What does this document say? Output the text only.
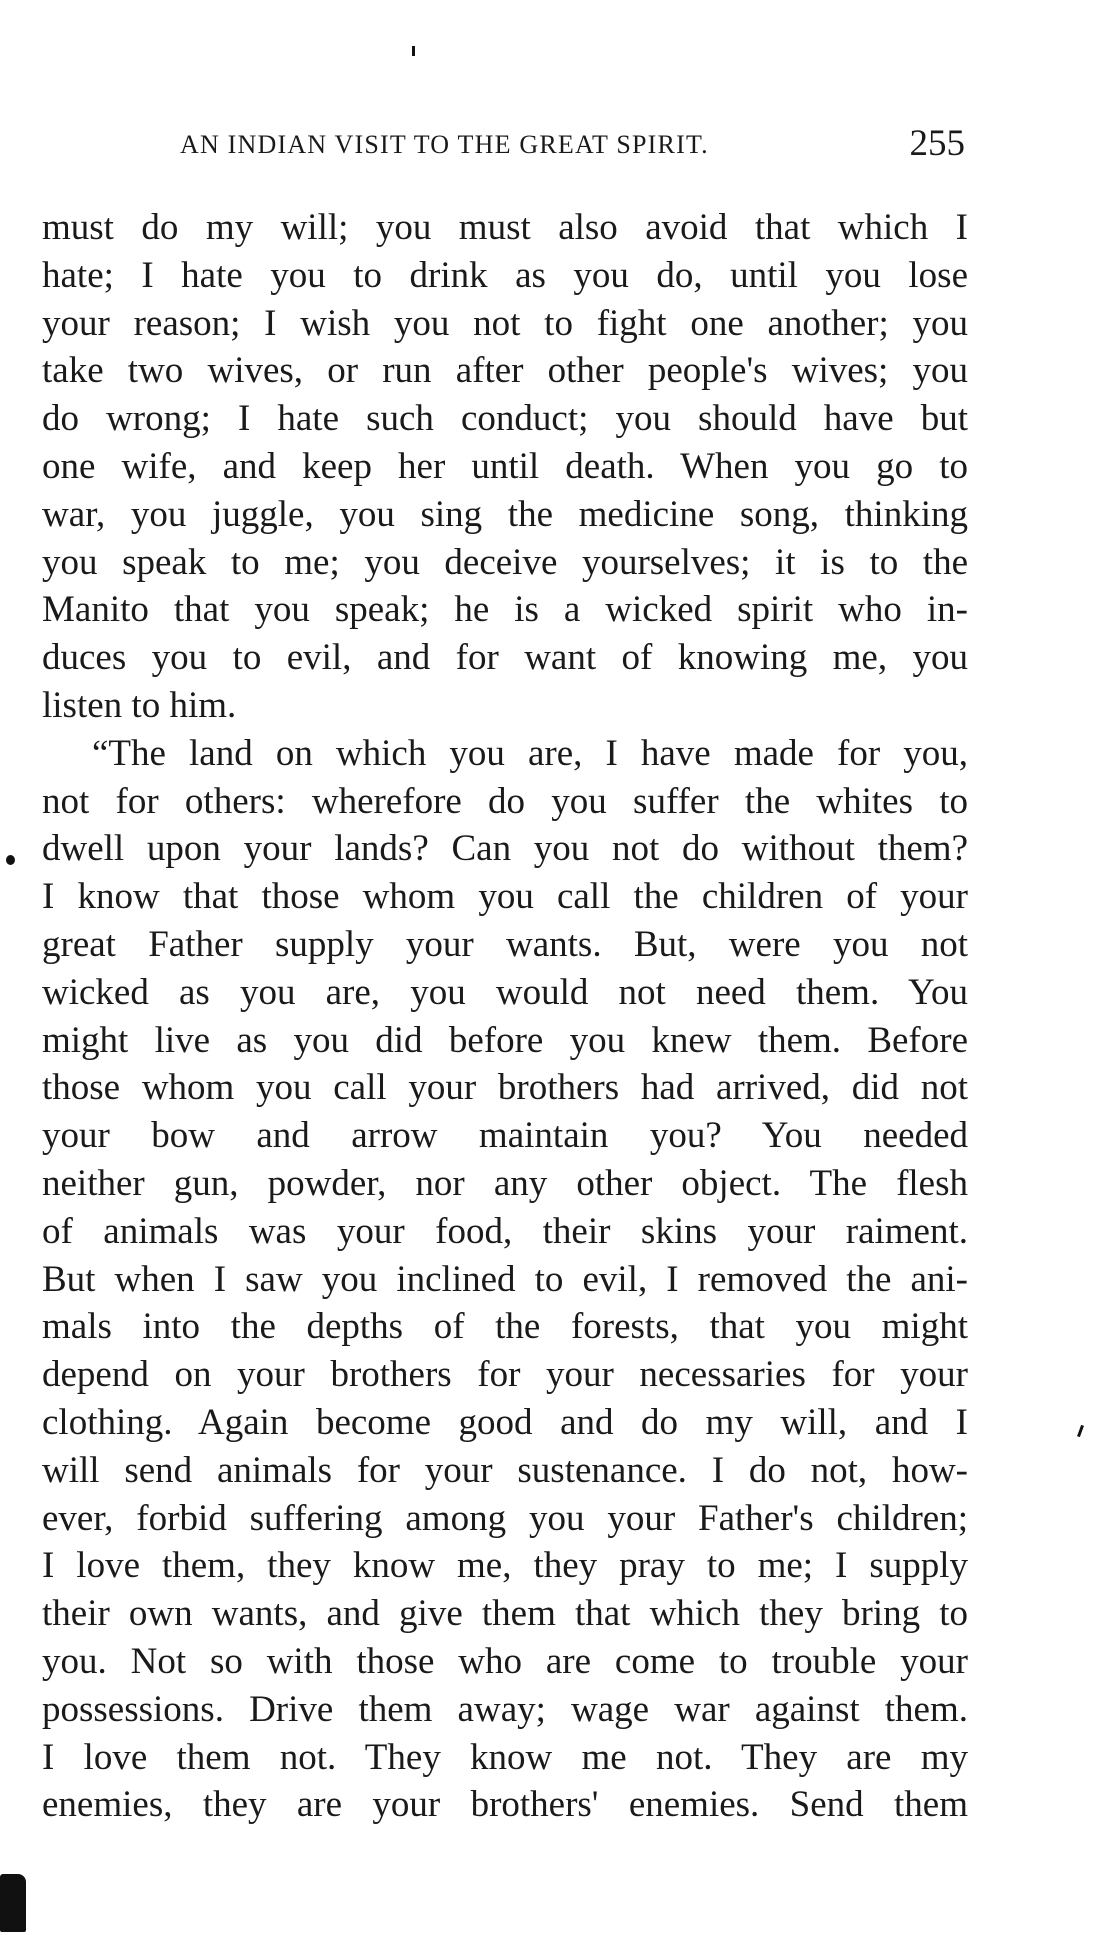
AN INDIAN VISIT TO THE GREAT SPIRIT.	255
must do my will; you must also avoid that which I
hate; I hate you to drink as you do, until you lose
your reason; I wish you not to fight one another; you
take two wives, or run after other people's wives; you
do wrong; I hate such conduct; you should have but
one wife, and keep her until death. When you go to
war, you juggle, you sing the medicine song, thinking
you speak to me; you deceive yourselves; it is to the
Manito that you speak; he is a wicked spirit who in-
duces you to evil, and for want of knowing me, you
listen to him.
“The land on which you are, I have made for you,
not for others: wherefore do you suffer the whites to
dwell upon your lands? Can you not do without them?
I know that those whom you call the children of your
great Father supply your wants. But, were you not
wicked as you are, you would not need them. You
might live as you did before you knew them. Before
those whom you call your brothers had arrived, did not
your bow and arrow maintain you? You needed
neither gun, powder, nor any other object. The flesh
of animals was your food, their skins your raiment.
But when I saw you inclined to evil, I removed the ani-
mals into the depths of the forests, that you might
depend on your brothers for your necessaries for your
clothing. Again become good and do my will, and I
will send animals for your sustenance. I do not, how-
ever, forbid suffering among you your Father's children;
I love them, they know me, they pray to me; I supply
their own wants, and give them that which they bring to
you. Not so with those who are come to trouble your
possessions. Drive them away; wage war against them.
I love them not. They know me not. They are my
enemies, they are your brothers' enemies. Send them
